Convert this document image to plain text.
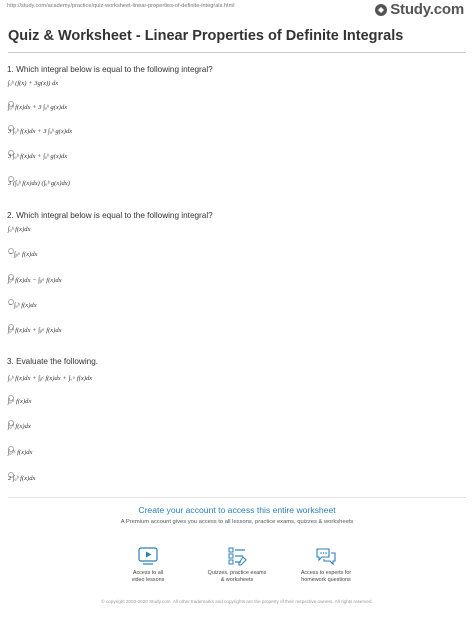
http://study.com/academy/practice/quiz-worksheet-linear-properties-of-definite-integrals.html	Study.com
Quiz & Worksheet - Linear Properties of Definite Integrals
1. Which integral below is equal to the following integral?
∫ₐᵇ (f(x) + 3g(x)) dx
∫ₐᵇ f(x)dx + 3 ∫ₐᵇ g(x)dx
3 ∫ₐᵇ f(x)dx + 3 ∫ₐᵇ g(x)dx
3 ∫ₐᵇ f(x)dx + ∫ₐᵇ g(x)dx
3 (∫ₐᵇ f(x)dx) (∫ₐᵇ g(x)dx)
2. Which integral below is equal to the following integral?
∫ₐᵇ f(x)dx
− ∫ᵦᵃ f(x)dx
∫ₐᵇ f(x)dx − ∫ᵦᵃ f(x)dx
− ∫ₐᵇ f(x)dx
∫ₐᵇ f(x)dx + ∫ᵦᵃ f(x)dx
3. Evaluate the following.
∫ₐᵇ f(x)dx + ∫ᵦᶜ f(x)dx + ∫꜀ᵃ f(x)dx
∫ₐᵃ f(x)dx
∫ₐᵈ f(x)dx
∫ₐ²ᶜ f(x)dx
2 ∫ₐᵇ f(x)dx
Create your account to access this entire worksheet
A Premium account gives you access to all lessons, practice exams, quizzes & worksheets
Access to all
video lessons
Quizzes, practice exams
& worksheets
Access to experts for
homework questions
© copyright 2003-2020 Study.com. All other trademarks and copyrights are the property of their respective owners. All rights reserved.
